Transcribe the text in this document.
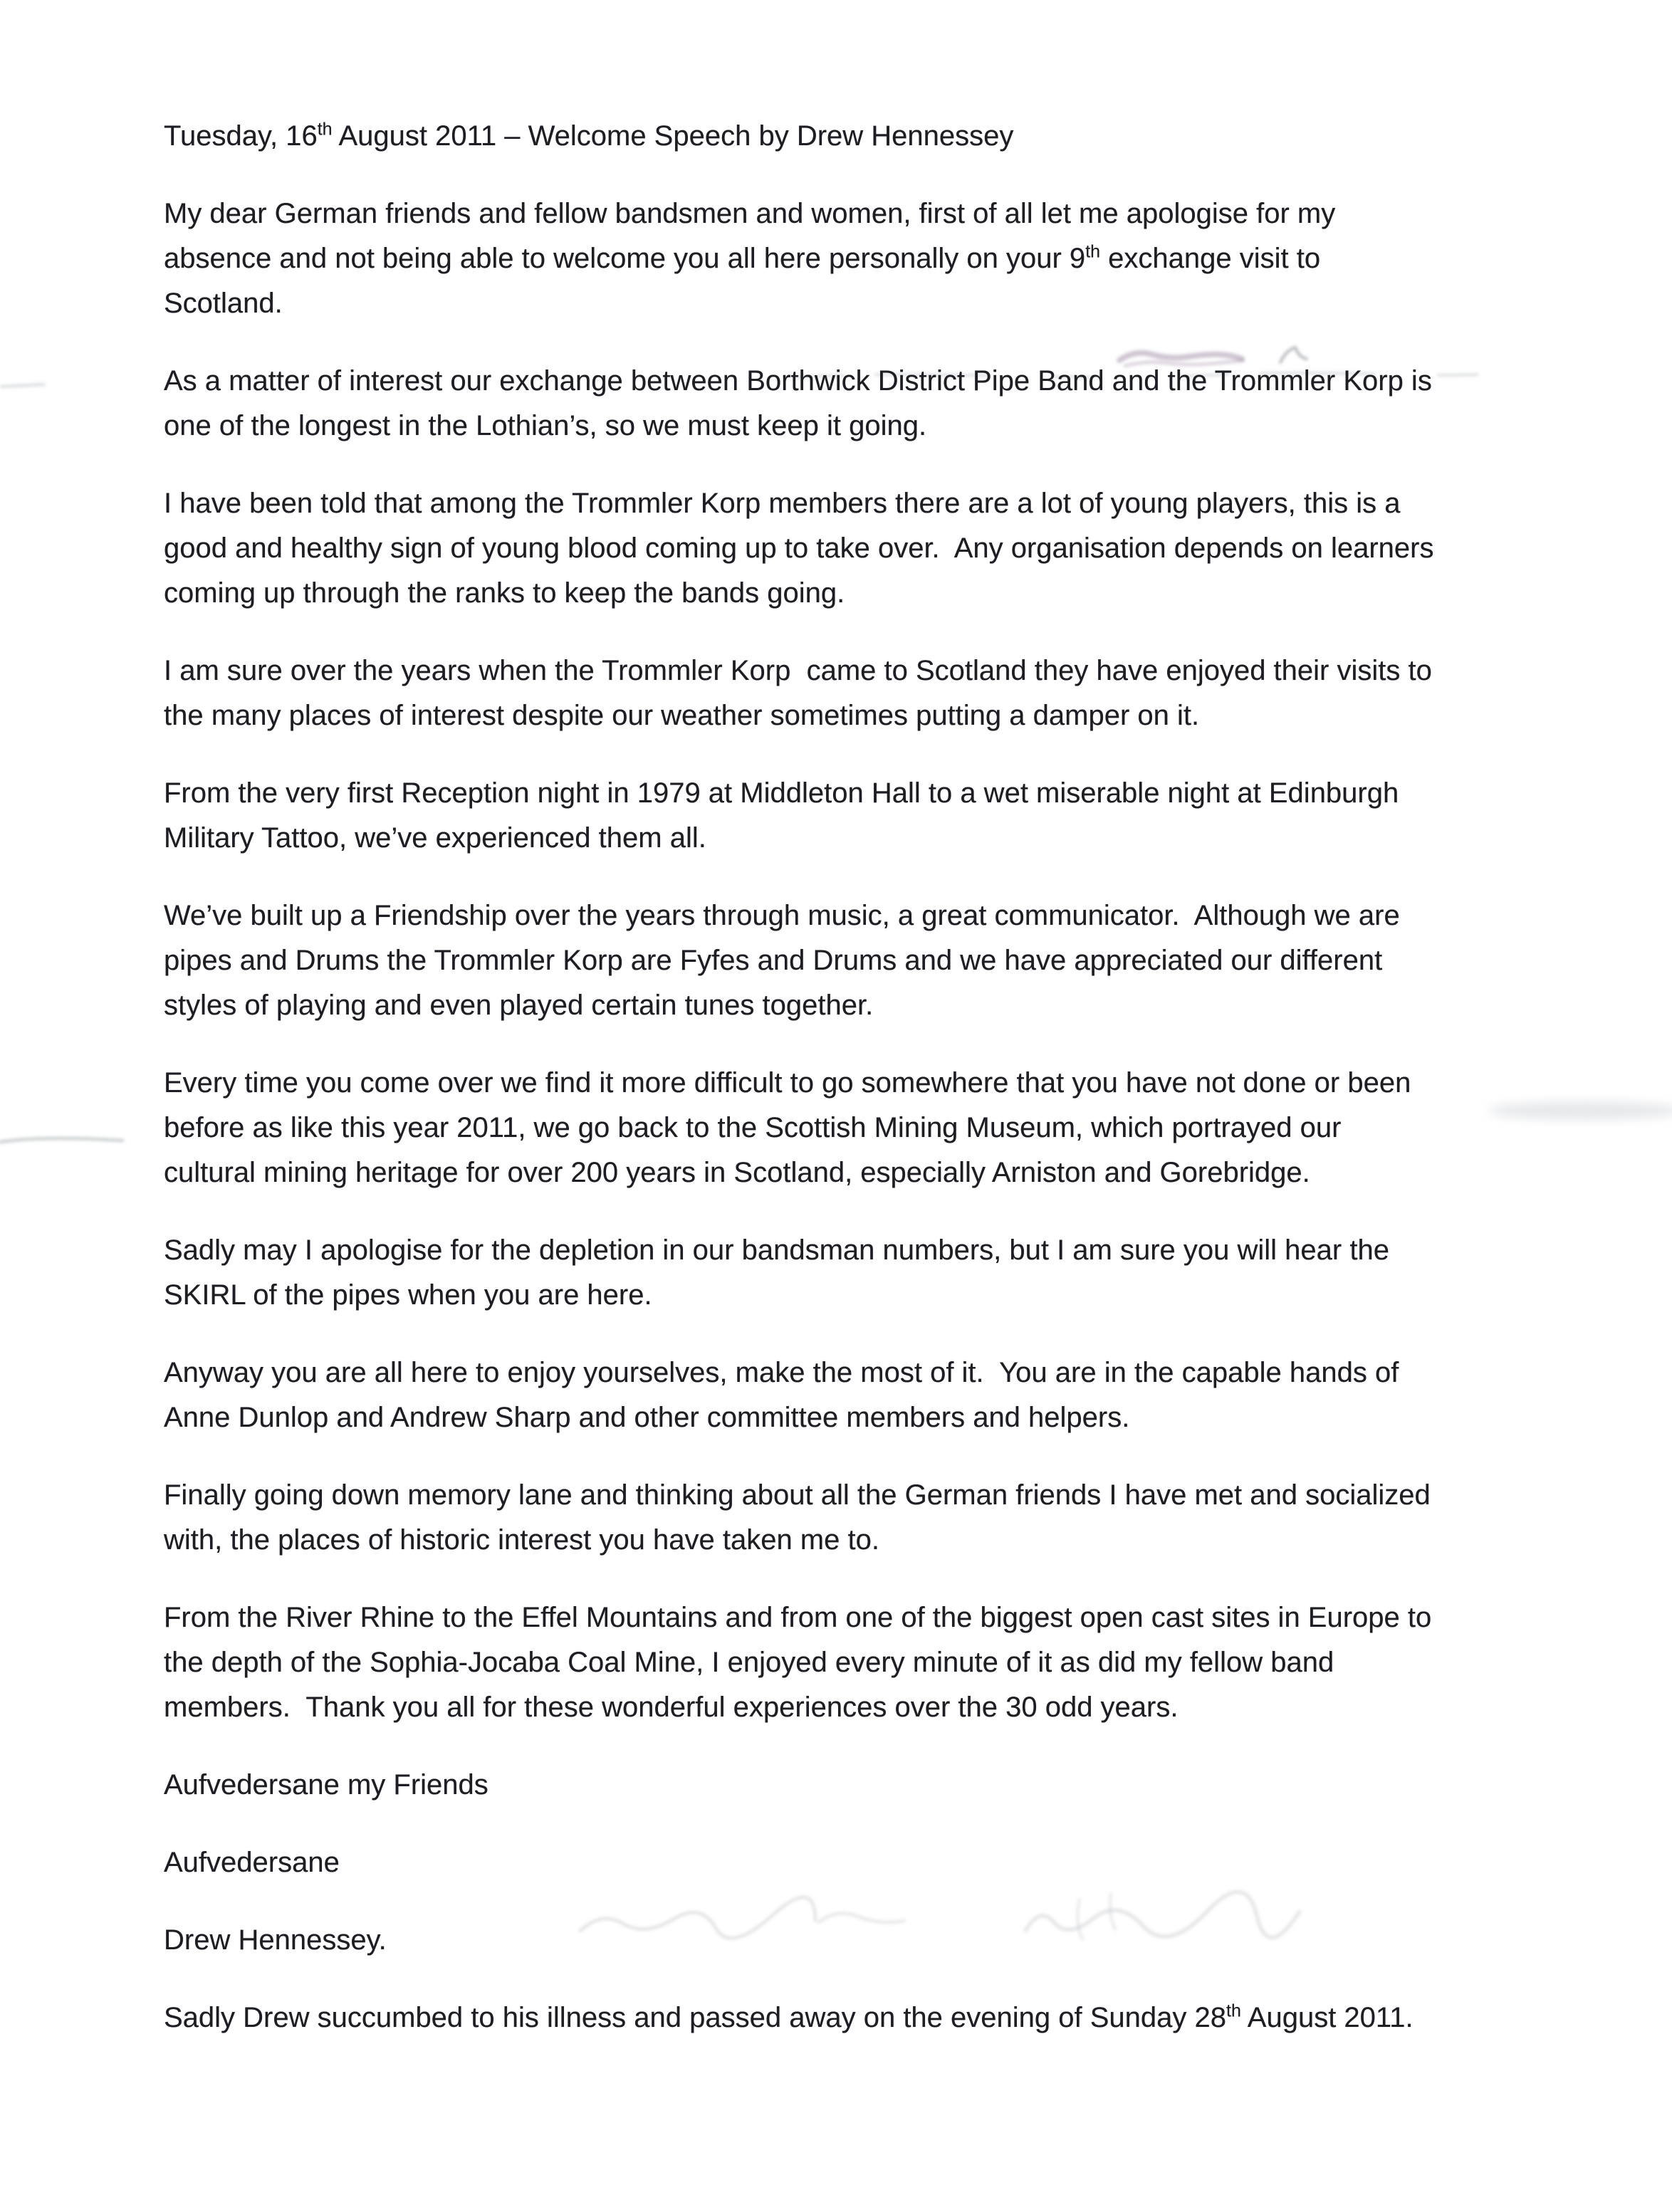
Tuesday, 16th August 2011 – Welcome Speech by Drew Hennessey
My dear German friends and fellow bandsmen and women, first of all let me apologise for my
absence and not being able to welcome you all here personally on your 9th exchange visit to
Scotland.
As a matter of interest our exchange between Borthwick District Pipe Band and the Trommler Korp is
one of the longest in the Lothian’s, so we must keep it going.
I have been told that among the Trommler Korp members there are a lot of young players, this is a
good and healthy sign of young blood coming up to take over.  Any organisation depends on learners
coming up through the ranks to keep the bands going.
I am sure over the years when the Trommler Korp  came to Scotland they have enjoyed their visits to
the many places of interest despite our weather sometimes putting a damper on it.
From the very first Reception night in 1979 at Middleton Hall to a wet miserable night at Edinburgh
Military Tattoo, we’ve experienced them all.
We’ve built up a Friendship over the years through music, a great communicator.  Although we are
pipes and Drums the Trommler Korp are Fyfes and Drums and we have appreciated our different
styles of playing and even played certain tunes together.
Every time you come over we find it more difficult to go somewhere that you have not done or been
before as like this year 2011, we go back to the Scottish Mining Museum, which portrayed our
cultural mining heritage for over 200 years in Scotland, especially Arniston and Gorebridge.
Sadly may I apologise for the depletion in our bandsman numbers, but I am sure you will hear the
SKIRL of the pipes when you are here.
Anyway you are all here to enjoy yourselves, make the most of it.  You are in the capable hands of
Anne Dunlop and Andrew Sharp and other committee members and helpers.
Finally going down memory lane and thinking about all the German friends I have met and socialized
with, the places of historic interest you have taken me to.
From the River Rhine to the Effel Mountains and from one of the biggest open cast sites in Europe to
the depth of the Sophia-Jocaba Coal Mine, I enjoyed every minute of it as did my fellow band
members.  Thank you all for these wonderful experiences over the 30 odd years.
Aufvedersane my Friends
Aufvedersane
Drew Hennessey.
Sadly Drew succumbed to his illness and passed away on the evening of Sunday 28th August 2011.
